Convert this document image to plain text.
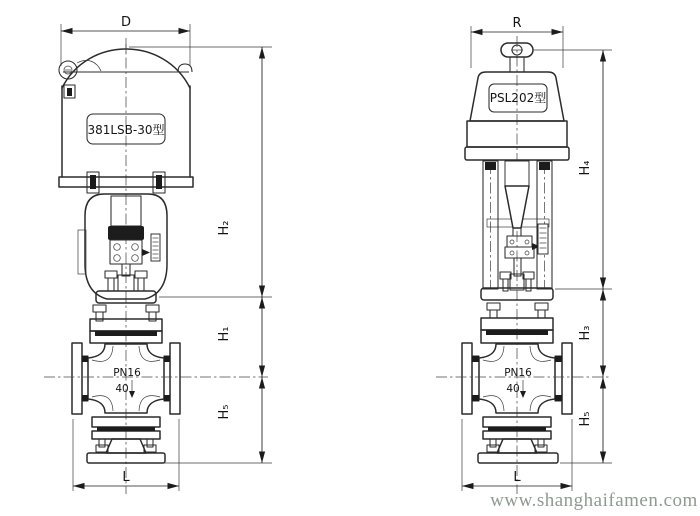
D
381LSB-30型
PN16
40
L
H₂
H₁
H₅
R
PSL202型
PN16
40
L
H₄
H₃
H₅
www.shanghaifamen.com
